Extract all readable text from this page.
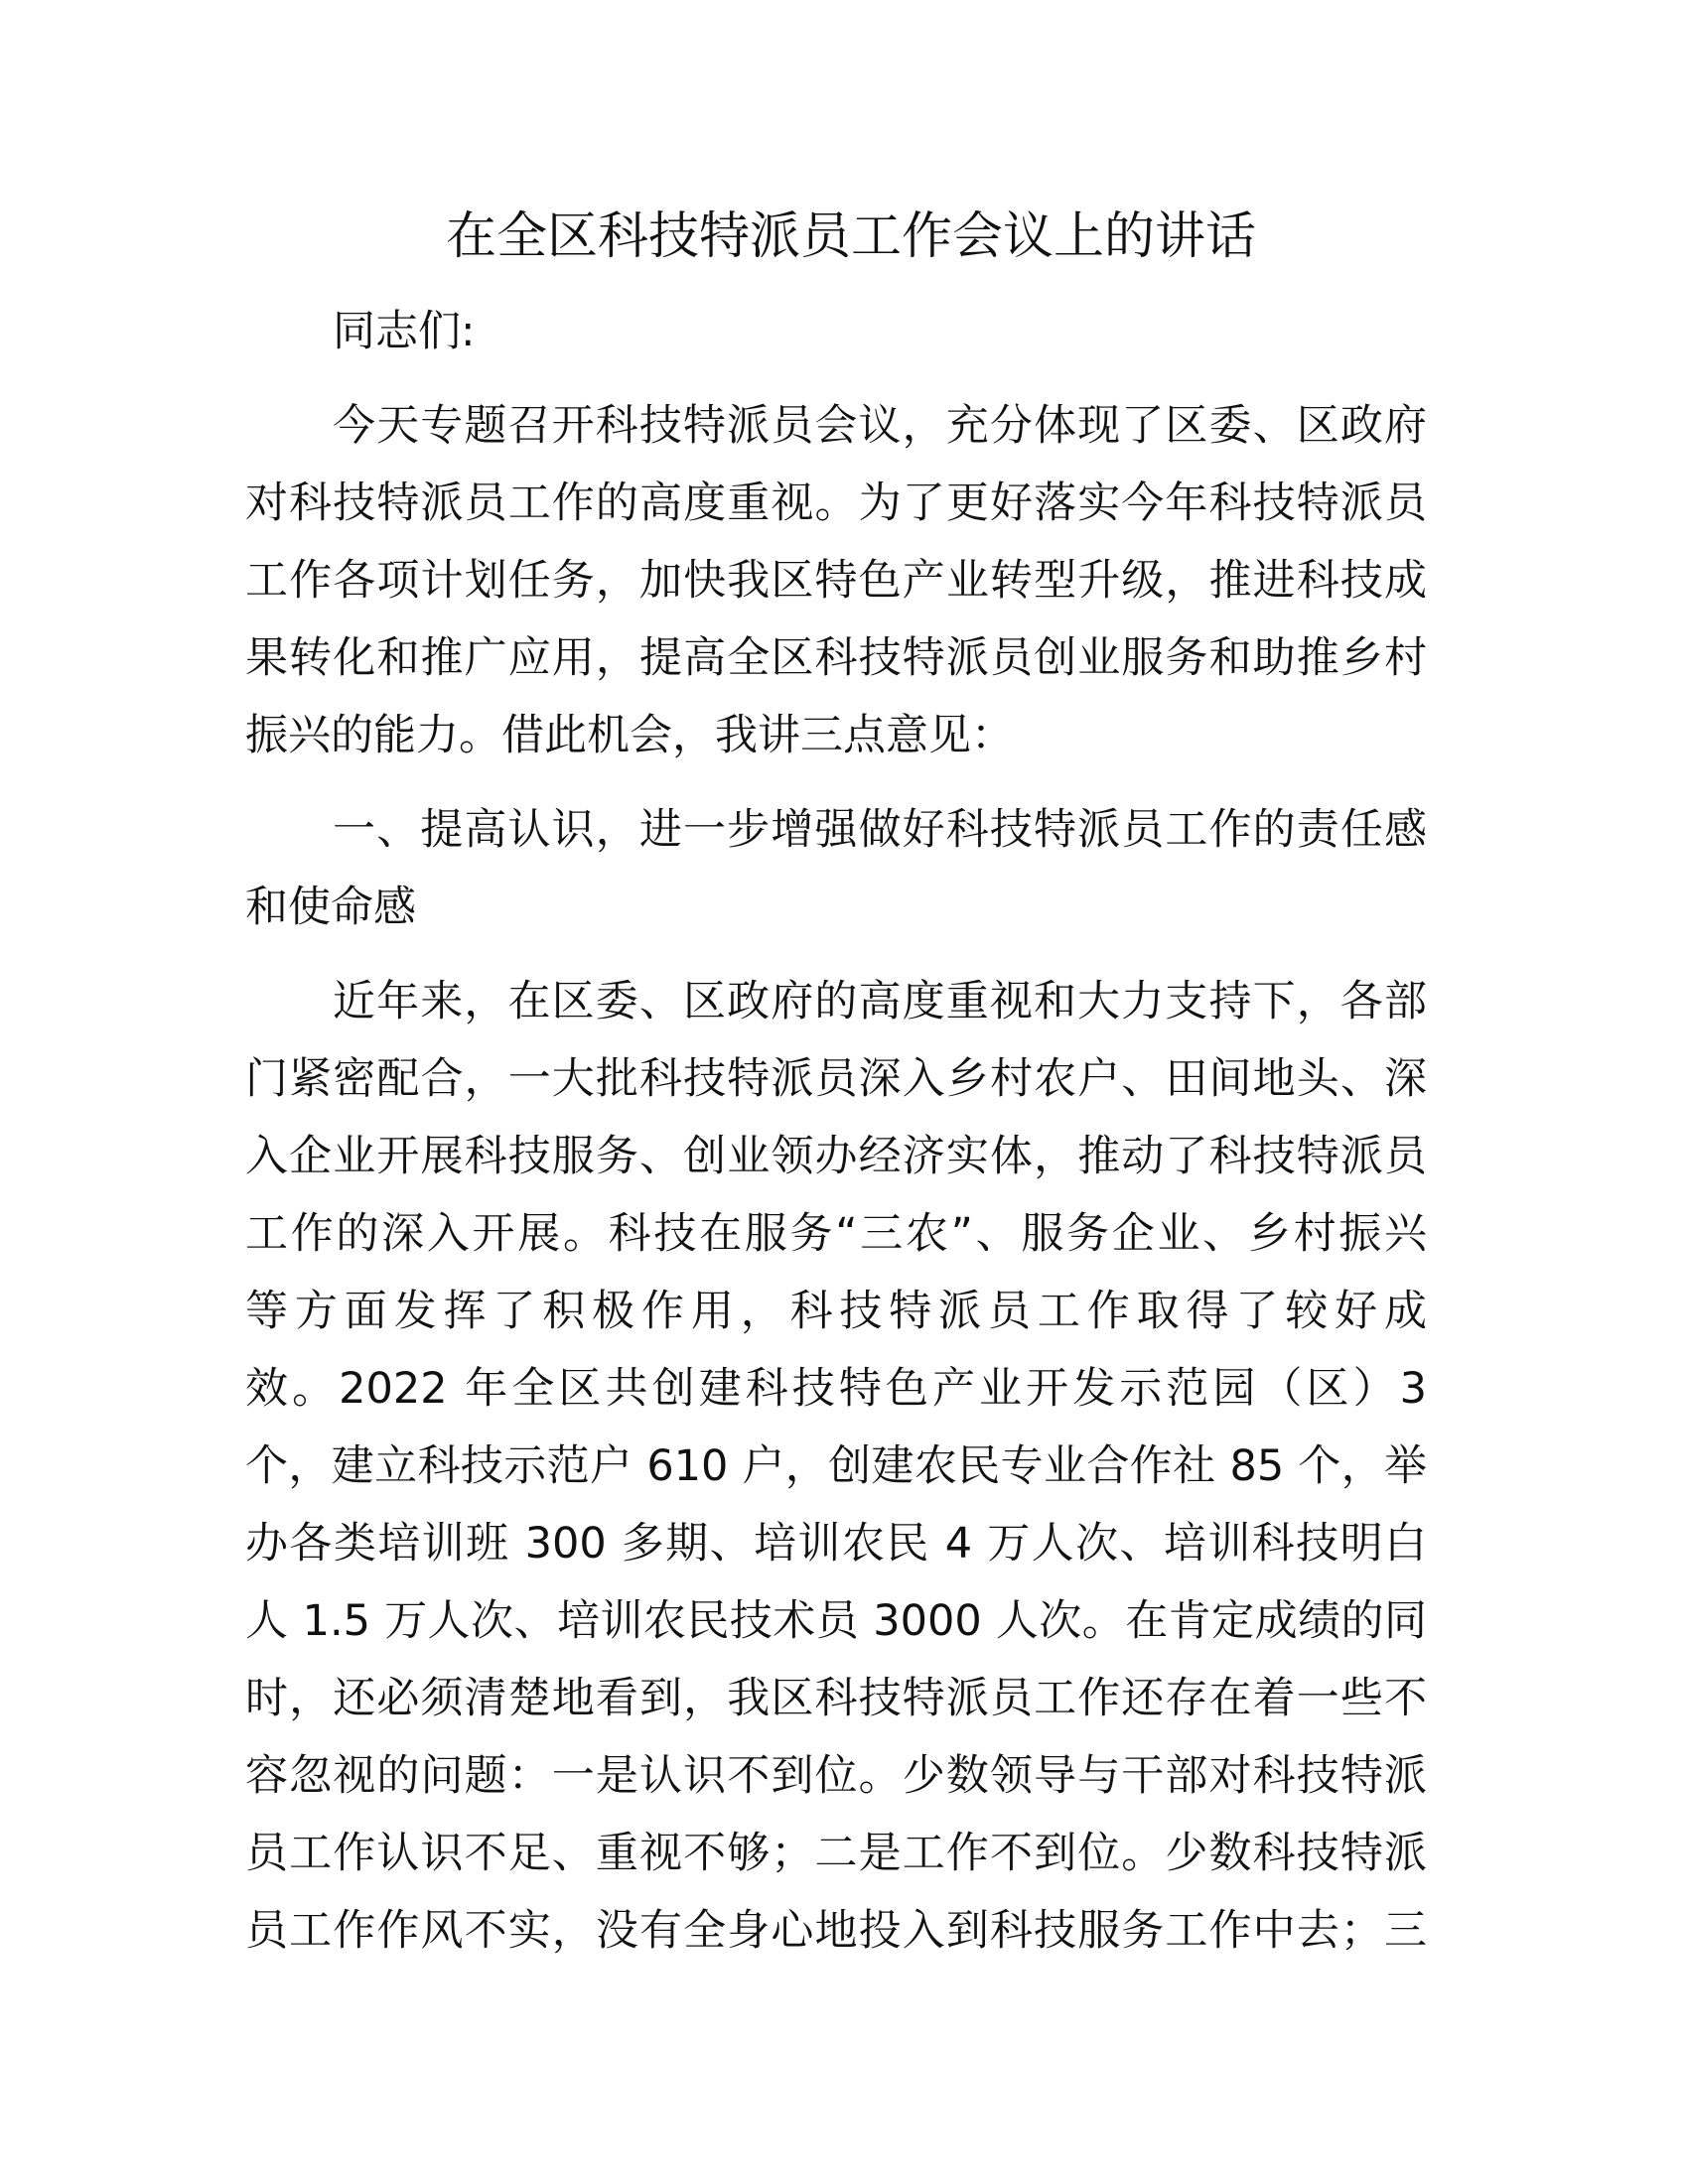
在全区科技特派员工作会议上的讲话
同志们:
今天专题召开科技特派员会议，充分体现了区委、区政府
对科技特派员工作的高度重视。为了更好落实今年科技特派员
工作各项计划任务，加快我区特色产业转型升级，推进科技成
果转化和推广应用，提高全区科技特派员创业服务和助推乡村
振兴的能力。借此机会，我讲三点意见：
一、提高认识，进一步增强做好科技特派员工作的责任感
和使命感
近年来，在区委、区政府的高度重视和大力支持下，各部
门紧密配合，一大批科技特派员深入乡村农户、田间地头、深
入企业开展科技服务、创业领办经济实体，推动了科技特派员
工作的深入开展。科技在服务“三农”、服务企业、乡村振兴
等方面发挥了积极作用，科技特派员工作取得了较好成
效。2022 年全区共创建科技特色产业开发示范园（区）3
个，建立科技示范户 610 户，创建农民专业合作社 85 个，举
办各类培训班 300 多期、培训农民 4 万人次、培训科技明白
人 1.5 万人次、培训农民技术员 3000 人次。在肯定成绩的同
时，还必须清楚地看到，我区科技特派员工作还存在着一些不
容忽视的问题：一是认识不到位。少数领导与干部对科技特派
员工作认识不足、重视不够；二是工作不到位。少数科技特派
员工作作风不实，没有全身心地投入到科技服务工作中去；三
